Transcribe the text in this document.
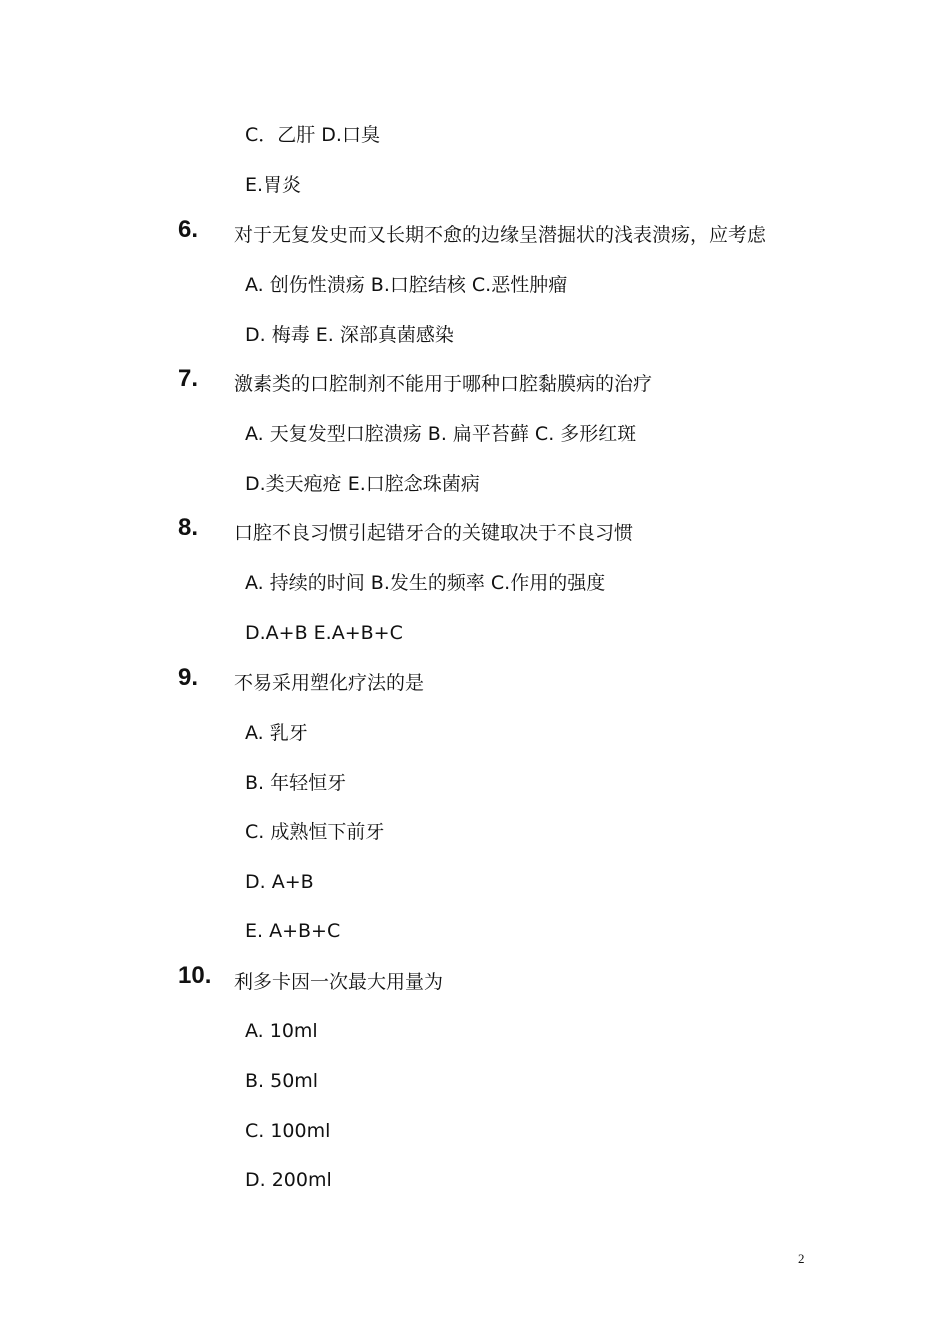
C．乙肝 D.口臭
E.胃炎
6. 对于无复发史而又长期不愈的边缘呈潜掘状的浅表溃疡，应考虑
A. 创伤性溃疡 B.口腔结核 C.恶性肿瘤
D. 梅毒 E. 深部真菌感染
7. 激素类的口腔制剂不能用于哪种口腔黏膜病的治疗
A. 天复发型口腔溃疡 B. 扁平苔藓 C. 多形红斑
D.类天疱疮 E.口腔念珠菌病
8. 口腔不良习惯引起错牙合的关键取决于不良习惯
A. 持续的时间 B.发生的频率 C.作用的强度
D.A+B E.A+B+C
9. 不易采用塑化疗法的是
A. 乳牙
B. 年轻恒牙
C. 成熟恒下前牙
D. A+B
E. A+B+C
10. 利多卡因一次最大用量为
A. 10ml
B. 50ml
C. 100ml
D. 200ml
2
